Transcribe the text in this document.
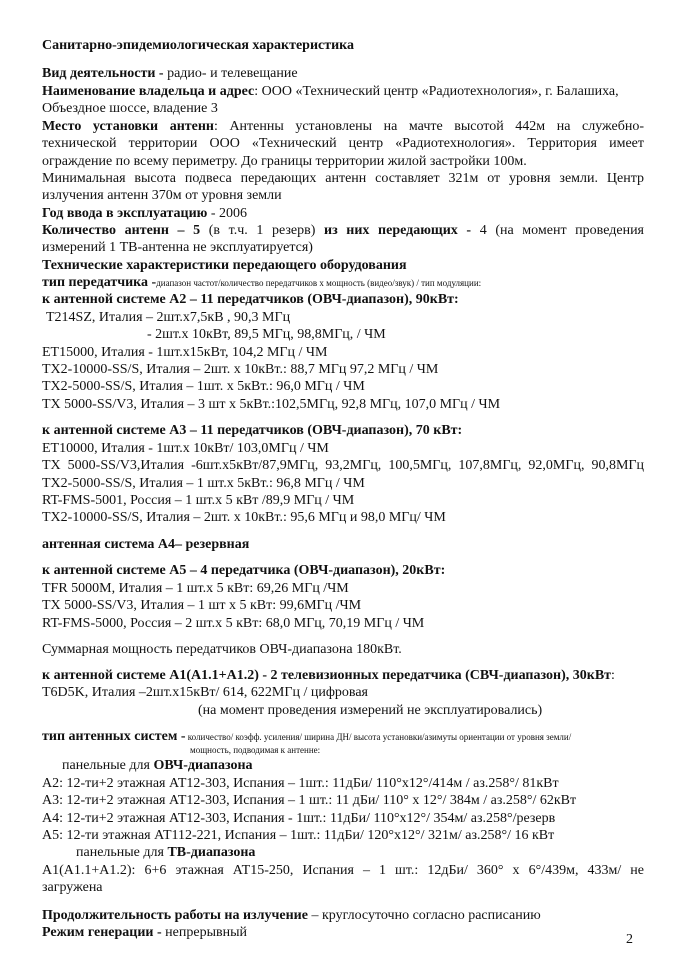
Санитарно-эпидемиологическая характеристика
Вид деятельности - радио- и телевещание
Наименование владельца и адрес: ООО «Технический центр «Радиотехнология», г. Балашиха,
Объездное шоссе, владение 3
Место установки антенн: Антенны установлены на мачте высотой 442м на служебно-
технической территории ООО «Технический центр «Радиотехнология». Территория имеет
ограждение по всему периметру. До границы территории жилой застройки 100м.
Минимальная высота подвеса передающих антенн составляет 321м от уровня земли. Центр
излучения антенн 370м от уровня земли
Год ввода в эксплуатацию - 2006
Количество антенн – 5 (в т.ч. 1 резерв) из них передающих - 4 (на момент проведения
измерений 1 ТВ-антенна не эксплуатируется)
Технические характеристики передающего оборудования
тип передатчика -диапазон частот/количество передатчиков x мощность (видео/звук) / тип модуляции:
к антенной системе А2 – 11 передатчиков (ОВЧ-диапазон), 90кВт:
T214SZ, Италия – 2шт.х7,5кВ , 90,3 МГц
- 2шт.х 10кВт, 89,5 МГц, 98,8МГц, / ЧМ
ET15000, Италия - 1шт.х15кВт, 104,2 МГц / ЧМ
TX2-10000-SS/S, Италия – 2шт. х 10кВт.: 88,7 МГц 97,2 МГц / ЧМ
TX2-5000-SS/S, Италия – 1шт. х 5кВт.: 96,0 МГц / ЧМ
TX 5000-SS/V3, Италия – 3 шт х 5кВт.:102,5МГц, 92,8 МГц, 107,0 МГц / ЧМ
к антенной системе А3 – 11 передатчиков (ОВЧ-диапазон), 70 кВт:
ET10000, Италия - 1шт.х 10кВт/ 103,0МГц / ЧМ
TX 5000-SS/V3,Италия -6шт.х5кВт/87,9МГц, 93,2МГц, 100,5МГц, 107,8МГц, 92,0МГц, 90,8МГц
TX2-5000-SS/S, Италия – 1 шт.х 5кВт.: 96,8 МГц / ЧМ
RT-FMS-5001, Россия – 1 шт.х 5 кВт /89,9 МГц / ЧМ
TX2-10000-SS/S, Италия – 2шт. х 10кВт.: 95,6 МГц и 98,0 МГц/ ЧМ
антенная система А4– резервная
к антенной системе А5 – 4 передатчика (ОВЧ-диапазон), 20кВт:
TFR 5000M, Италия – 1 шт.х 5 кВт: 69,26 МГц /ЧМ
TX 5000-SS/V3, Италия – 1 шт х 5 кВт: 99,6МГц /ЧМ
RT-FMS-5000, Россия – 2 шт.х 5 кВт: 68,0 МГц, 70,19 МГц / ЧМ
Суммарная мощность передатчиков ОВЧ-диапазона 180кВт.
к антенной системе А1(А1.1+А1.2) - 2 телевизионных передатчика (СВЧ-диапазон), 30кВт:
T6D5K, Италия –2шт.х15кВт/ 614, 622МГц / цифровая
(на момент проведения измерений не эксплуатировались)
тип антенных систем - количество/ коэфф. усиления/ ширина ДН/ высота установки/азимуты ориентации от уровня земли/
мощность, подводимая к антенне:
панельные для ОВЧ-диапазона
A2: 12-ти+2 этажная АТ12-303, Испания – 1шт.: 11дБи/ 110°х12°/414м / аз.258°/ 81кВт
A3: 12-ти+2 этажная АТ12-303, Испания – 1 шт.: 11 дБи/ 110° х 12°/ 384м / аз.258°/ 62кВт
A4: 12-ти+2 этажная АТ12-303, Испания - 1шт.: 11дБи/ 110°х12°/ 354м/ аз.258°/резерв
A5: 12-ти этажная АТ112-221, Испания – 1шт.: 11дБи/ 120°х12°/ 321м/ аз.258°/ 16 кВт
панельные для ТВ-диапазона
A1(A1.1+A1.2): 6+6 этажная АТ15-250, Испания – 1 шт.: 12дБи/ 360° х 6°/439м, 433м/ не
загружена
Продолжительность работы на излучение – круглосуточно согласно расписанию
Режим генерации - непрерывный	2
